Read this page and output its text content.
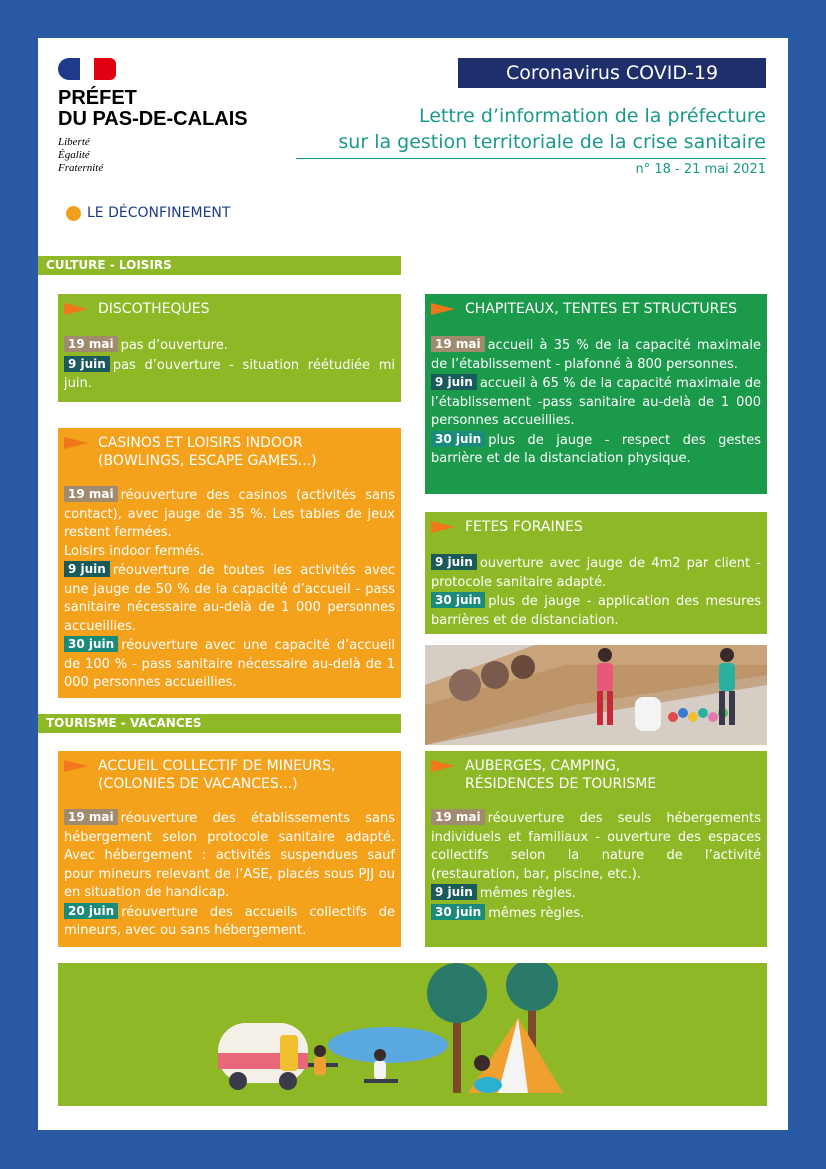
PRÉFET
DU PAS-DE-CALAIS
Liberté
Égalité
Fraternité
Coronavirus COVID-19
Lettre d’information de la préfecture
sur la gestion territoriale de la crise sanitaire
n° 18 - 21 mai 2021
LE DÉCONFINEMENT
CULTURE - LOISIRS
DISCOTHEQUES
19 mai pas d’ouverture.
9 juin pas d’ouverture - situation réétudiée mi juin.
CASINOS ET LOISIRS INDOOR
(BOWLINGS, ESCAPE GAMES...)
19 mai réouverture des casinos (activités sans contact), avec jauge de 35 %. Les tables de jeux restent fermées.
Loisirs indoor fermés.
9 juin réouverture de toutes les activités avec une jauge de 50 % de la capacité d’accueil - pass sanitaire nécessaire au-delà de 1 000 personnes accueillies.
30 juin réouverture avec une capacité d’accueil de 100 % - pass sanitaire nécessaire au-delà de 1 000 personnes accueillies.
TOURISME - VACANCES
ACCUEIL COLLECTIF DE MINEURS,
(COLONIES DE VACANCES...)
19 mai réouverture des établissements sans hébergement selon protocole sanitaire adapté. Avec hébergement : activités suspendues sauf pour mineurs relevant de l’ASE, placés sous PJJ ou en situation de handicap.
20 juin réouverture des accueils collectifs de mineurs, avec ou sans hébergement.
CHAPITEAUX, TENTES ET STRUCTURES
19 mai accueil à 35 % de la capacité maximale de l’établissement - plafonné à 800 personnes.
9 juin accueil à 65 % de la capacité maximale de l’établissement -pass sanitaire au-delà de 1 000 personnes accueillies.
30 juin plus de jauge - respect des gestes barrière et de la distanciation physique.
FETES FORAINES
9 juin ouverture avec jauge de 4m2 par client - protocole sanitaire adapté.
30 juin plus de jauge - application des mesures barrières et de distanciation.
AUBERGES, CAMPING,
RÉSIDENCES DE TOURISME
19 mai réouverture des seuls hébergements individuels et familiaux - ouverture des espaces collectifs selon la nature de l’activité (restauration, bar, piscine, etc.).
9 juin mêmes règles.
30 juin mêmes règles.
